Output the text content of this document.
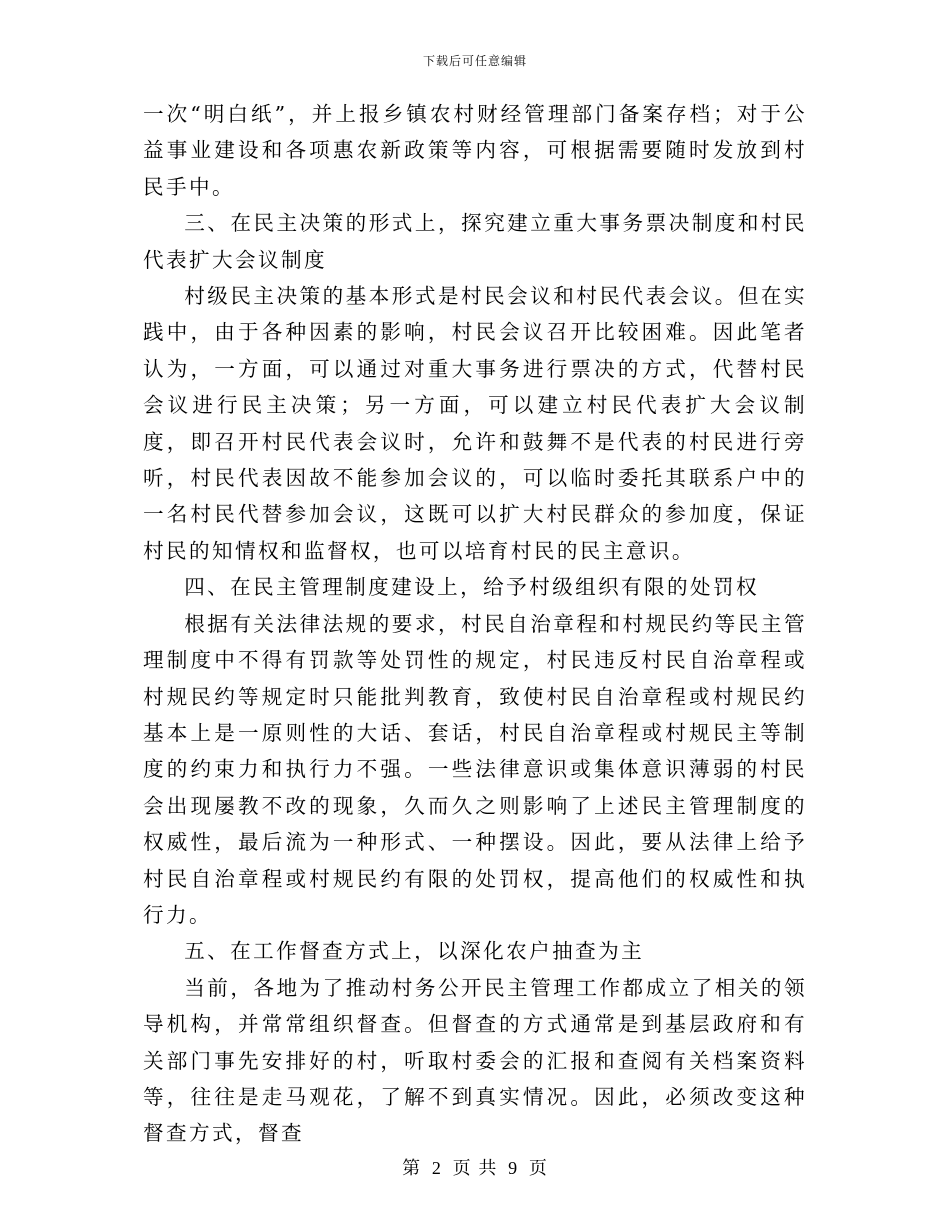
下载后可任意编辑

一次“明白纸”，并上报乡镇农村财经管理部门备案存档；对于公益事业建设和各项惠农新政策等内容，可根据需要随时发放到村民手中。

三、在民主决策的形式上，探究建立重大事务票决制度和村民代表扩大会议制度

村级民主决策的基本形式是村民会议和村民代表会议。但在实践中，由于各种因素的影响，村民会议召开比较困难。因此笔者认为，一方面，可以通过对重大事务进行票决的方式，代替村民会议进行民主决策；另一方面，可以建立村民代表扩大会议制度，即召开村民代表会议时，允许和鼓舞不是代表的村民进行旁听，村民代表因故不能参加会议的，可以临时委托其联系户中的一名村民代替参加会议，这既可以扩大村民群众的参加度，保证村民的知情权和监督权，也可以培育村民的民主意识。

四、在民主管理制度建设上，给予村级组织有限的处罚权

根据有关法律法规的要求，村民自治章程和村规民约等民主管理制度中不得有罚款等处罚性的规定，村民违反村民自治章程或村规民约等规定时只能批判教育，致使村民自治章程或村规民约基本上是一原则性的大话、套话，村民自治章程或村规民主等制度的约束力和执行力不强。一些法律意识或集体意识薄弱的村民会出现屡教不改的现象，久而久之则影响了上述民主管理制度的权威性，最后流为一种形式、一种摆设。因此，要从法律上给予村民自治章程或村规民约有限的处罚权，提高他们的权威性和执行力。

五、在工作督查方式上，以深化农户抽查为主

当前，各地为了推动村务公开民主管理工作都成立了相关的领导机构，并常常组织督查。但督查的方式通常是到基层政府和有关部门事先安排好的村，听取村委会的汇报和查阅有关档案资料等，往往是走马观花，了解不到真实情况。因此，必须改变这种督查方式，督查

第 2 页 共 9 页
